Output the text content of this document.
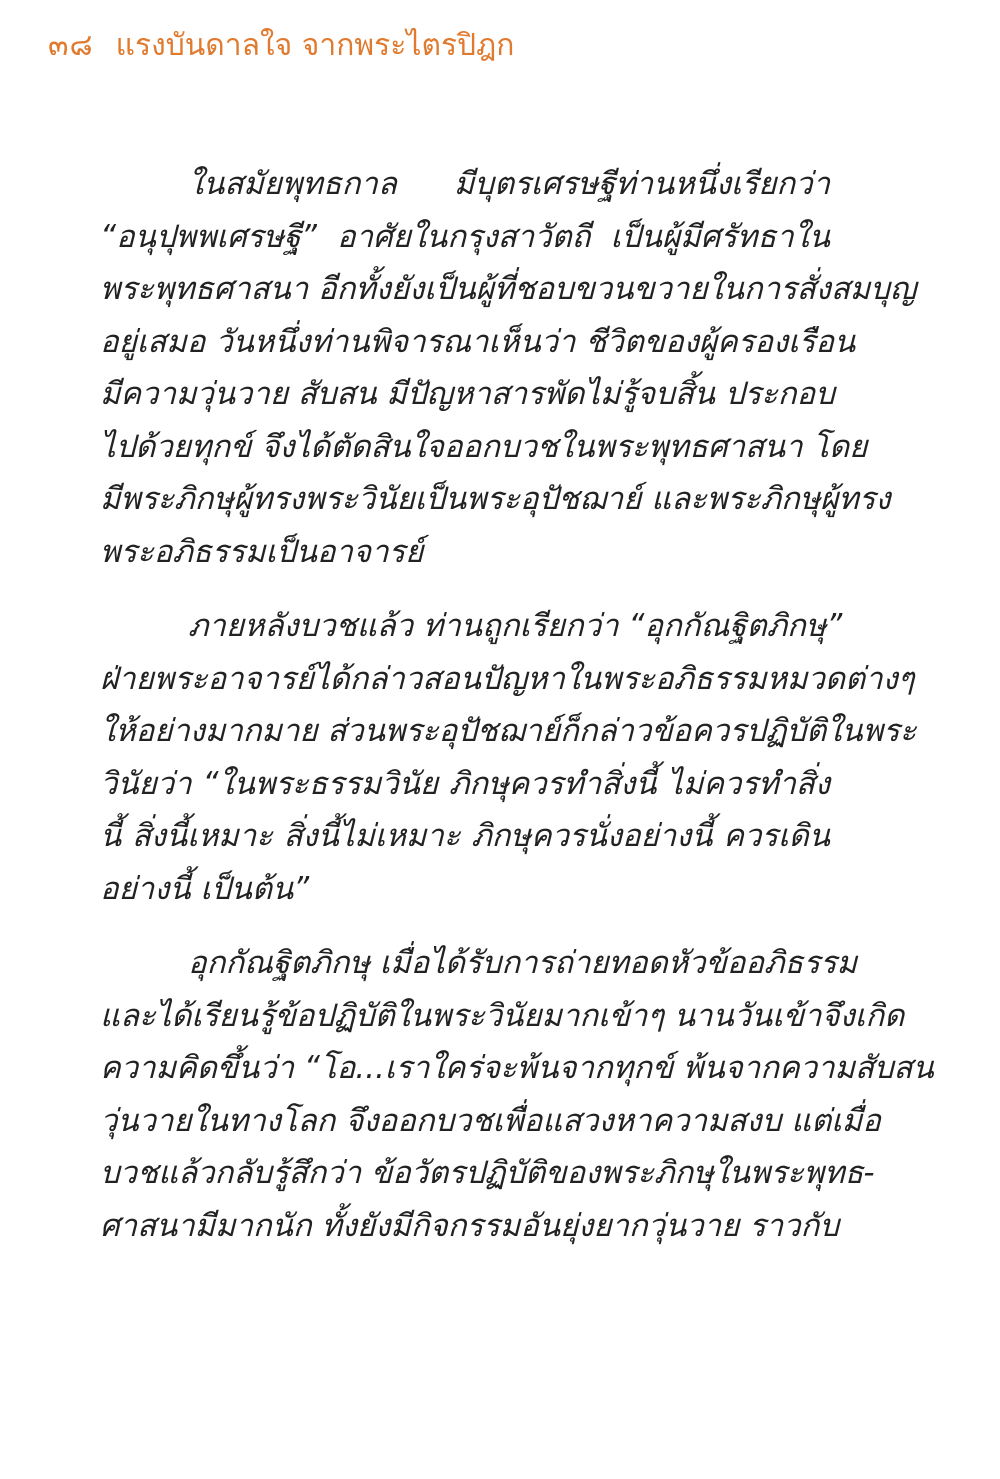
๓๘ แรงบันดาลใจ จากพระไตรปิฎก
ในสมัยพุทธกาล มีบุตรเศรษฐีท่านหนึ่งเรียกว่า
“อนุปุพพเศรษฐี” อาศัยในกรุงสาวัตถี เป็นผู้มีศรัทธาใน
พระพุทธศาสนา อีกทั้งยังเป็นผู้ที่ชอบขวนขวายในการสั่งสมบุญ
อยู่เสมอ วันหนึ่งท่านพิจารณาเห็นว่า ชีวิตของผู้ครองเรือน
มีความวุ่นวาย สับสน มีปัญหาสารพัดไม่รู้จบสิ้น ประกอบ
ไปด้วยทุกข์ จึงได้ตัดสินใจออกบวชในพระพุทธศาสนา โดย
มีพระภิกษุผู้ทรงพระวินัยเป็นพระอุปัชฌาย์ และพระภิกษุผู้ทรง
พระอภิธรรมเป็นอาจารย์
ภายหลังบวชแล้ว ท่านถูกเรียกว่า “อุกกัณฐิตภิกษุ”
ฝ่ายพระอาจารย์ได้กล่าวสอนปัญหาในพระอภิธรรมหมวดต่างๆ
ให้อย่างมากมาย ส่วนพระอุปัชฌาย์ก็กล่าวข้อควรปฏิบัติในพระ
วินัยว่า “ในพระธรรมวินัย ภิกษุควรทำสิ่งนี้ ไม่ควรทำสิ่ง
นี้ สิ่งนี้เหมาะ สิ่งนี้ไม่เหมาะ ภิกษุควรนั่งอย่างนี้ ควรเดิน
อย่างนี้ เป็นต้น”
อุกกัณฐิตภิกษุ เมื่อได้รับการถ่ายทอดหัวข้ออภิธรรม
และได้เรียนรู้ข้อปฏิบัติในพระวินัยมากเข้าๆ นานวันเข้าจึงเกิด
ความคิดขึ้นว่า “โอ...เราใคร่จะพ้นจากทุกข์ พ้นจากความสับสน
วุ่นวายในทางโลก จึงออกบวชเพื่อแสวงหาความสงบ แต่เมื่อ
บวชแล้วกลับรู้สึกว่า ข้อวัตรปฏิบัติของพระภิกษุในพระพุทธ-
ศาสนามีมากนัก ทั้งยังมีกิจกรรมอันยุ่งยากวุ่นวาย ราวกับ
